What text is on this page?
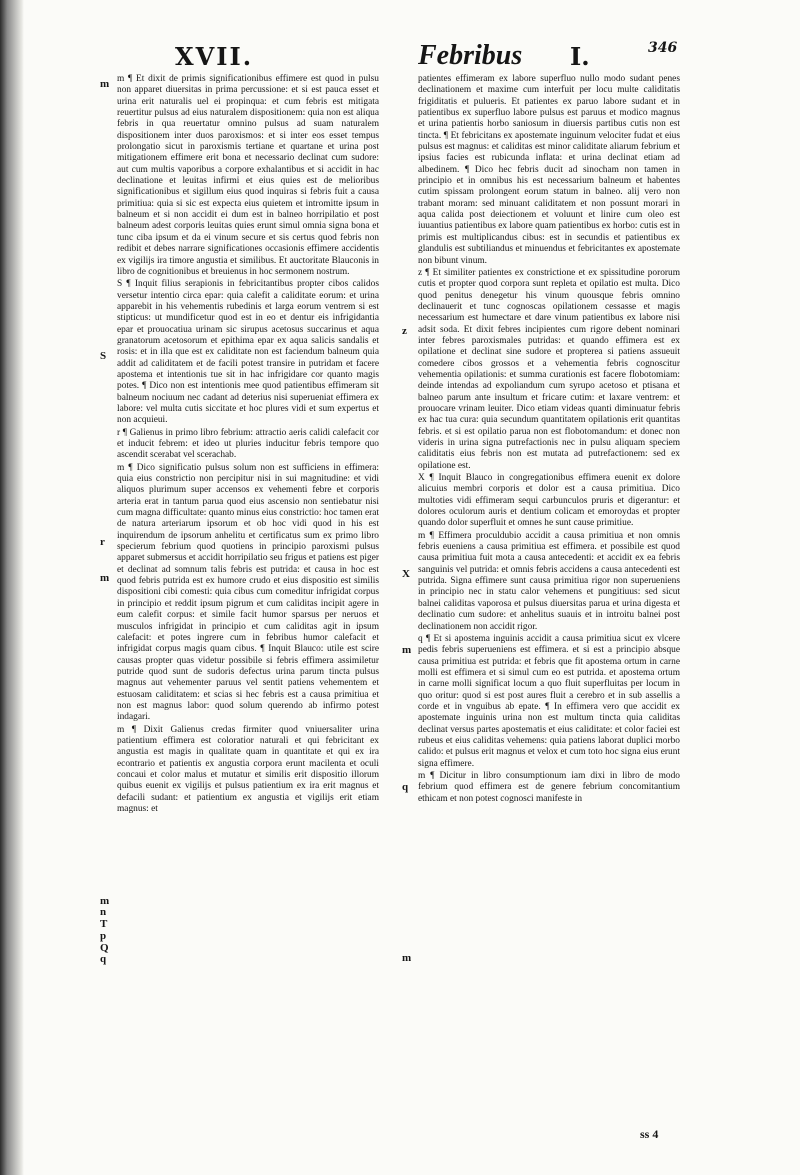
XVII.	Febribus I.	346

m ¶ Et dixit de primis significationibus effimere est quod in pulsu non apparet diuersitas in prima percussione: et si est pauca esset et urina erit naturalis uel ei propinqua: et cum febris est mitigata reuertitur pulsus ad eius naturalem dispositionem: quia non est aliqua febris in qua reuertatur omnino pulsus ad suam naturalem dispositionem inter duos paroxismos: et si inter eos esset tempus prolongatio sicut in paroxismis tertiane et quartane et urina post mitigationem effimere erit bona et necessario declinat cum sudore: aut cum multis vaporibus a corpore exhalantibus et si accidit in hac declinatione et leuitas infirmi et eius quies est de melioribus significationibus et sigillum eius quod inquiras si febris fuit a causa primitiua: quia si sic est expecta eius quietem et intromitte ipsum in balneum et si non accidit ei dum est in balneo horripilatio et post balneum adest corporis leuitas quies erunt simul omnia signa bona et tunc ciba ipsum et da ei vinum secure et sis certus quod febris non redibit et debes narrare significationes occasionis effimere accidentis ex vigilijs ira timore angustia et similibus. Et auctoritate Blauconis in libro de cognitionibus et breuienus in hoc sermonem nostrum.

S ¶ Inquit filius serapionis in febricitantibus propter cibos calidos versetur intentio circa epar: quia calefit a caliditate eorum: et urina apparebit in his vehementis rubedinis et larga eorum ventrem si est stipticus: ut mundificetur quod est in eo et dentur eis infrigidantia epar et prouocatiua urinam sic sirupus acetosus succarinus et aqua granatorum acetosorum et epithima epar ex aqua salicis sandalis et rosis: et in illa que est ex caliditate non est faciendum balneum quia addit ad caliditatem et de facili potest transire in putridam et facere apostema et intentionis tue sit in hac infrigidare cor quanto magis potes. ¶ Dico non est intentionis mee quod patientibus effimeram sit balneum nociuum nec cadant ad deterius nisi superueniat effimera ex labore: vel multa cutis siccitate et hoc plures vidi et sum expertus et non acquieui.

r ¶ Galienus in primo libro febrium: attractio aeris calidi calefacit cor et inducit febrem: et ideo ut pluries inducitur febris tempore quo ascendit scerabat vel scerachab.

m ¶ Dico significatio pulsus solum non est sufficiens in effimera: quia eius constrictio non percipitur nisi in sui magnitudine: et vidi aliquos plurimum super accensos ex vehementi febre et corporis arteria erat in tantum parua quod eius ascensio non sentiebatur nisi cum magna difficultate: quanto minus eius constrictio: hoc tamen erat de natura arteriarum ipsorum et ob hoc vidi quod in his est inquirendum de ipsorum anhelitu et certificatus sum ex primo libro specierum febrium quod quotiens in principio paroxismi pulsus apparet submersus et accidit horripilatio seu frigus et patiens est piger et declinat ad somnum talis febris est putrida: et causa in hoc est quod febris putrida est ex humore crudo et eius dispositio est similis dispositioni cibi comesti: quia cibus cum comeditur infrigidat corpus in principio et reddit ipsum pigrum et cum caliditas incipit agere in eum calefit corpus: et simile facit humor sparsus per neruos et musculos infrigidat in principio et cum caliditas agit in ipsum calefacit: et potes ingrere cum in febribus humor calefacit et infrigidat corpus magis quam cibus. ¶ Inquit Blauco: utile est scire causas propter quas videtur possibile si febris effimera assimiletur putride quod sunt de sudoris defectus urina parum tincta pulsus magnus aut vehementer paruus vel sentit patiens vehementem et estuosam caliditatem: et scias si hec febris est a causa primitiua et non est magnus labor: quod solum querendo ab infirmo potest indagari.

m ¶ Dixit Galienus credas firmiter quod vniuersaliter urina patientium effimera est coloratior naturali et qui febricitant ex angustia est magis in qualitate quam in quantitate et qui ex ira econtrario et patientis ex angustia corpora erunt macilenta et oculi concaui et color malus et mutatur et similis erit dispositio illorum quibus euenit ex vigilijs et pulsus patientium ex ira erit magnus et defacili sudant: et patientium ex angustia et vigilijs erit etiam magnus: et

patientes effimeram ex labore superfluo nullo modo sudant penes declinationem et maxime cum interfuit per locu multe caliditatis frigiditatis et pulueris. Et patientes ex paruo labore sudant et in patientibus ex superfluo labore pulsus est paruus et modico magnus et urina patientis horbo saniosum in diuersis partibus cutis non est tincta. ¶ Et febricitans ex apostemate inguinum velociter fudat et eius pulsus est magnus: et caliditas est minor caliditate aliarum febrium et ipsius facies est rubicunda inflata: et urina declinat etiam ad albedinem. ¶ Dico hec febris ducit ad sinocham non tamen in principio et in omnibus his est necessarium balneum et habentes cutim spissam prolongent eorum statum in balneo. alij vero non trabant moram: sed minuant caliditatem et non possunt morari in aqua calida post deiectionem et voluunt et linire cum oleo est iuuantius patientibus ex labore quam patientibus ex horbo: cutis est in primis est multiplicandus cibus: est in secundis et patientibus ex glandulis est subtiliandus et minuendus et febricitantes ex apostemate non bibunt vinum.

z ¶ Et similiter patientes ex constrictione et ex spissitudine pororum cutis et propter quod corpora sunt repleta et opilatio est multa. Dico quod penitus denegetur his vinum quousque febris omnino declinauerit et tunc cognoscas opilationem cessasse et magis necessarium est humectare et dare vinum patientibus ex labore nisi adsit soda. Et dixit febres incipientes cum rigore debent nominari inter febres paroxismales putridas: et quando effimera est ex opilatione et declinat sine sudore et propterea si patiens assueuit comedere cibos grossos et a vehementia febris cognoscitur vehementia opilationis: et summa curationis est facere flobotomiam: deinde intendas ad expoliandum cum syrupo acetoso et ptisana et balneo parum ante insultum et fricare cutim: et laxare ventrem: et prouocare vrinam leuiter. Dico etiam videas quanti diminuatur febris ex hac tua cura: quia secundum quantitatem opilationis erit quantitas febris. et si est opilatio parua non est flobotomandum: et donec non videris in urina signa putrefactionis nec in pulsu aliquam speciem caliditatis eius febris non est mutata ad putrefactionem: sed ex opilatione est.

X ¶ Inquit Blauco in congregationibus effimera euenit ex dolore alicuius membri corporis et dolor est a causa primitiua. Dico multoties vidi effimeram sequi carbunculos pruris et digerantur: et dolores oculorum auris et dentium colicam et emoroydas et propter quando dolor superfluit et omnes he sunt cause primitiue.

m ¶ Effimera proculdubio accidit a causa primitiua et non omnis febris eueniens a causa primitiua est effimera. et possibile est quod causa primitiua fuit mota a causa antecedenti: et accidit ex ea febris sanguinis vel putrida: et omnis febris accidens a causa antecedenti est putrida. Signa effimere sunt causa primitiua rigor non superueniens in principio nec in statu calor vehemens et pungitiuus: sed sicut balnei caliditas vaporosa et pulsus diuersitas parua et urina digesta et declinatio cum sudore: et anhelitus suauis et in introitu balnei post declinationem non accidit rigor.

q ¶ Et si apostema inguinis accidit a causa primitiua sicut ex vlcere pedis febris superueniens est effimera. et si est a principio absque causa primitiua est putrida: et febris que fit apostema ortum in carne molli est effimera et si simul cum eo est putrida. et apostema ortum in carne molli significat locum a quo fluit superfluitas per locum in quo oritur: quod si est post aures fluit a cerebro et in sub assellis a corde et in vnguibus ab epate. ¶ In effimera vero que accidit ex apostemate inguinis urina non est multum tincta quia caliditas declinat versus partes apostematis et eius caliditate: et color faciei est rubeus et eius caliditas vehemens: quia patiens laborat duplici morbo calido: et pulsus erit magnus et velox et cum toto hoc signa eius erunt signa effimere.

m ¶ Dicitur in libro consumptionum iam dixi in libro de modo febrium quod effimera est de genere febrium concomitantium ethicam et non potest cognosci manifeste in

m
S
r
m
m
n
T
p
Q
q
z
X
m
q
m
ss 4
